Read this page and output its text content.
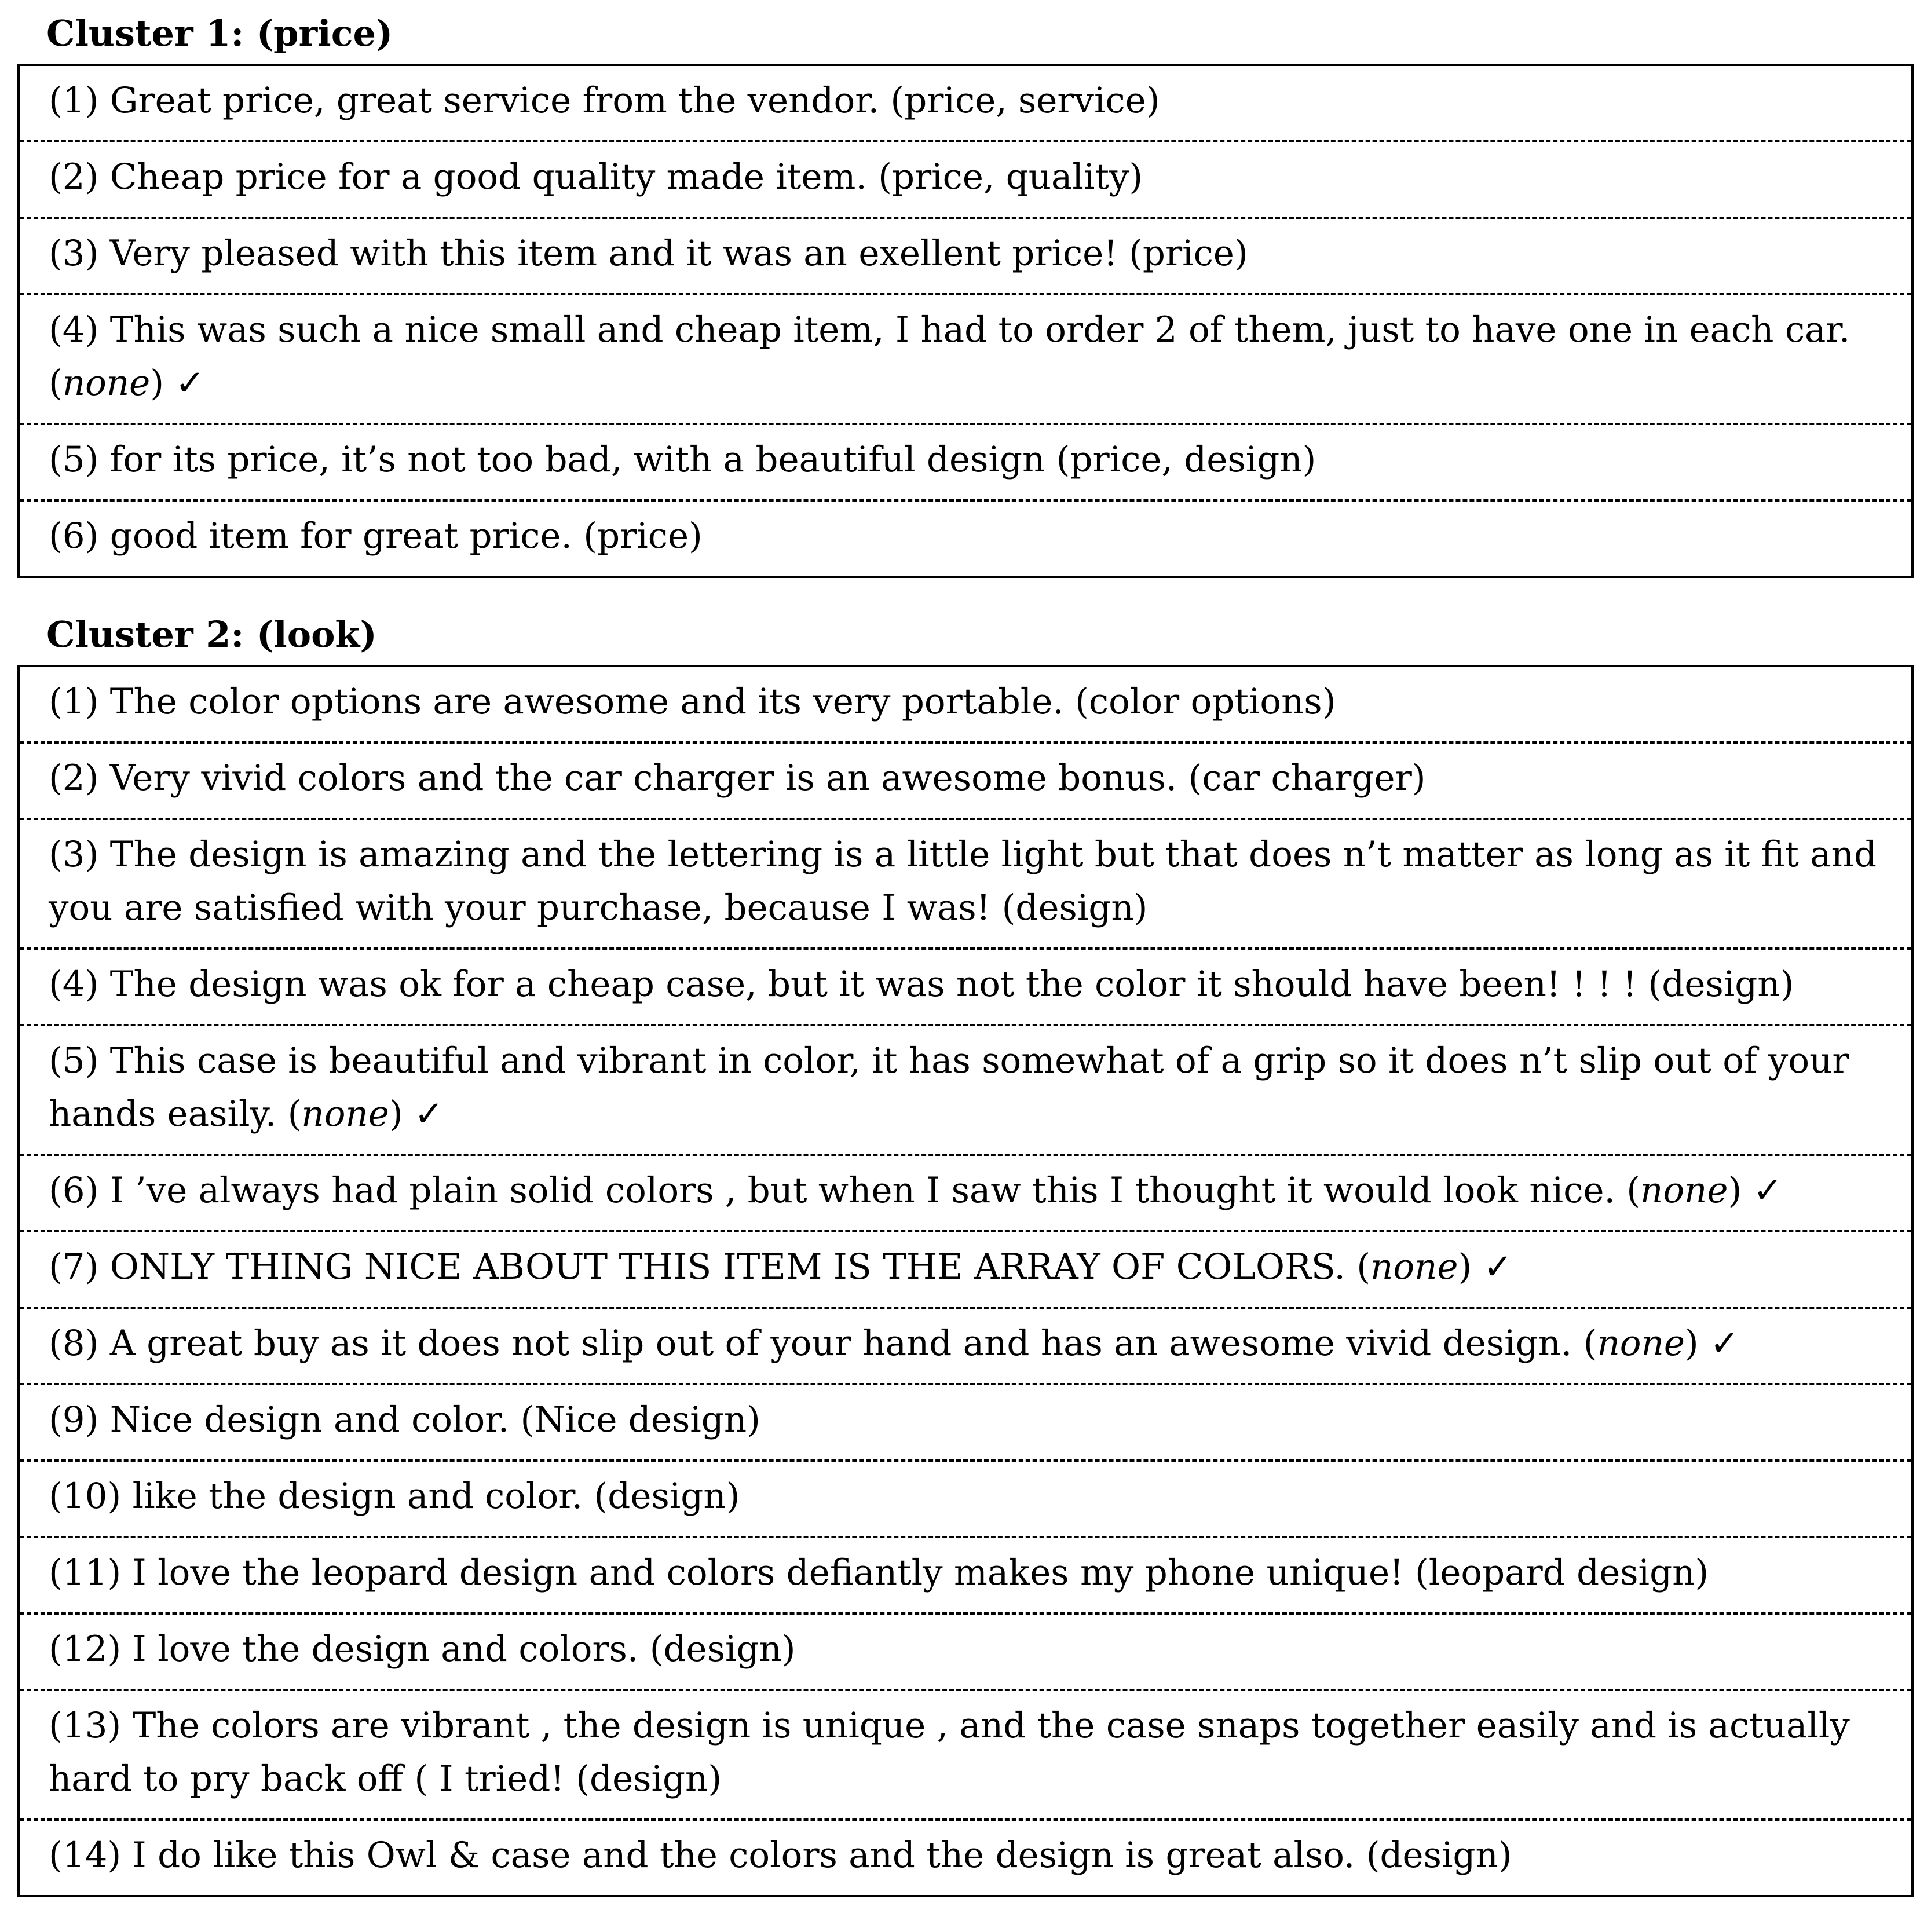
Cluster 1: (price)
(1) Great price, great service from the vendor. (price, service)
(2) Cheap price for a good quality made item. (price, quality)
(3) Very pleased with this item and it was an exellent price! (price)
(4) This was such a nice small and cheap item, I had to order 2 of them, just to have one in each car. (none) ✓
(5) for its price, it’s not too bad, with a beautiful design (price, design)
(6) good item for great price. (price)
Cluster 2: (look)
(1) The color options are awesome and its very portable. (color options)
(2) Very vivid colors and the car charger is an awesome bonus. (car charger)
(3) The design is amazing and the lettering is a little light but that does n’t matter as long as it fit and you are satisfied with your purchase, because I was! (design)
(4) The design was ok for a cheap case, but it was not the color it should have been! ! ! ! (design)
(5) This case is beautiful and vibrant in color, it has somewhat of a grip so it does n’t slip out of your hands easily. (none) ✓
(6) I ’ve always had plain solid colors , but when I saw this I thought it would look nice. (none) ✓
(7) ONLY THING NICE ABOUT THIS ITEM IS THE ARRAY OF COLORS. (none) ✓
(8) A great buy as it does not slip out of your hand and has an awesome vivid design. (none) ✓
(9) Nice design and color. (Nice design)
(10) like the design and color. (design)
(11) I love the leopard design and colors defiantly makes my phone unique! (leopard design)
(12) I love the design and colors. (design)
(13) The colors are vibrant , the design is unique , and the case snaps together easily and is actually hard to pry back off ( I tried! (design)
(14) I do like this Owl & case and the colors and the design is great also. (design)
